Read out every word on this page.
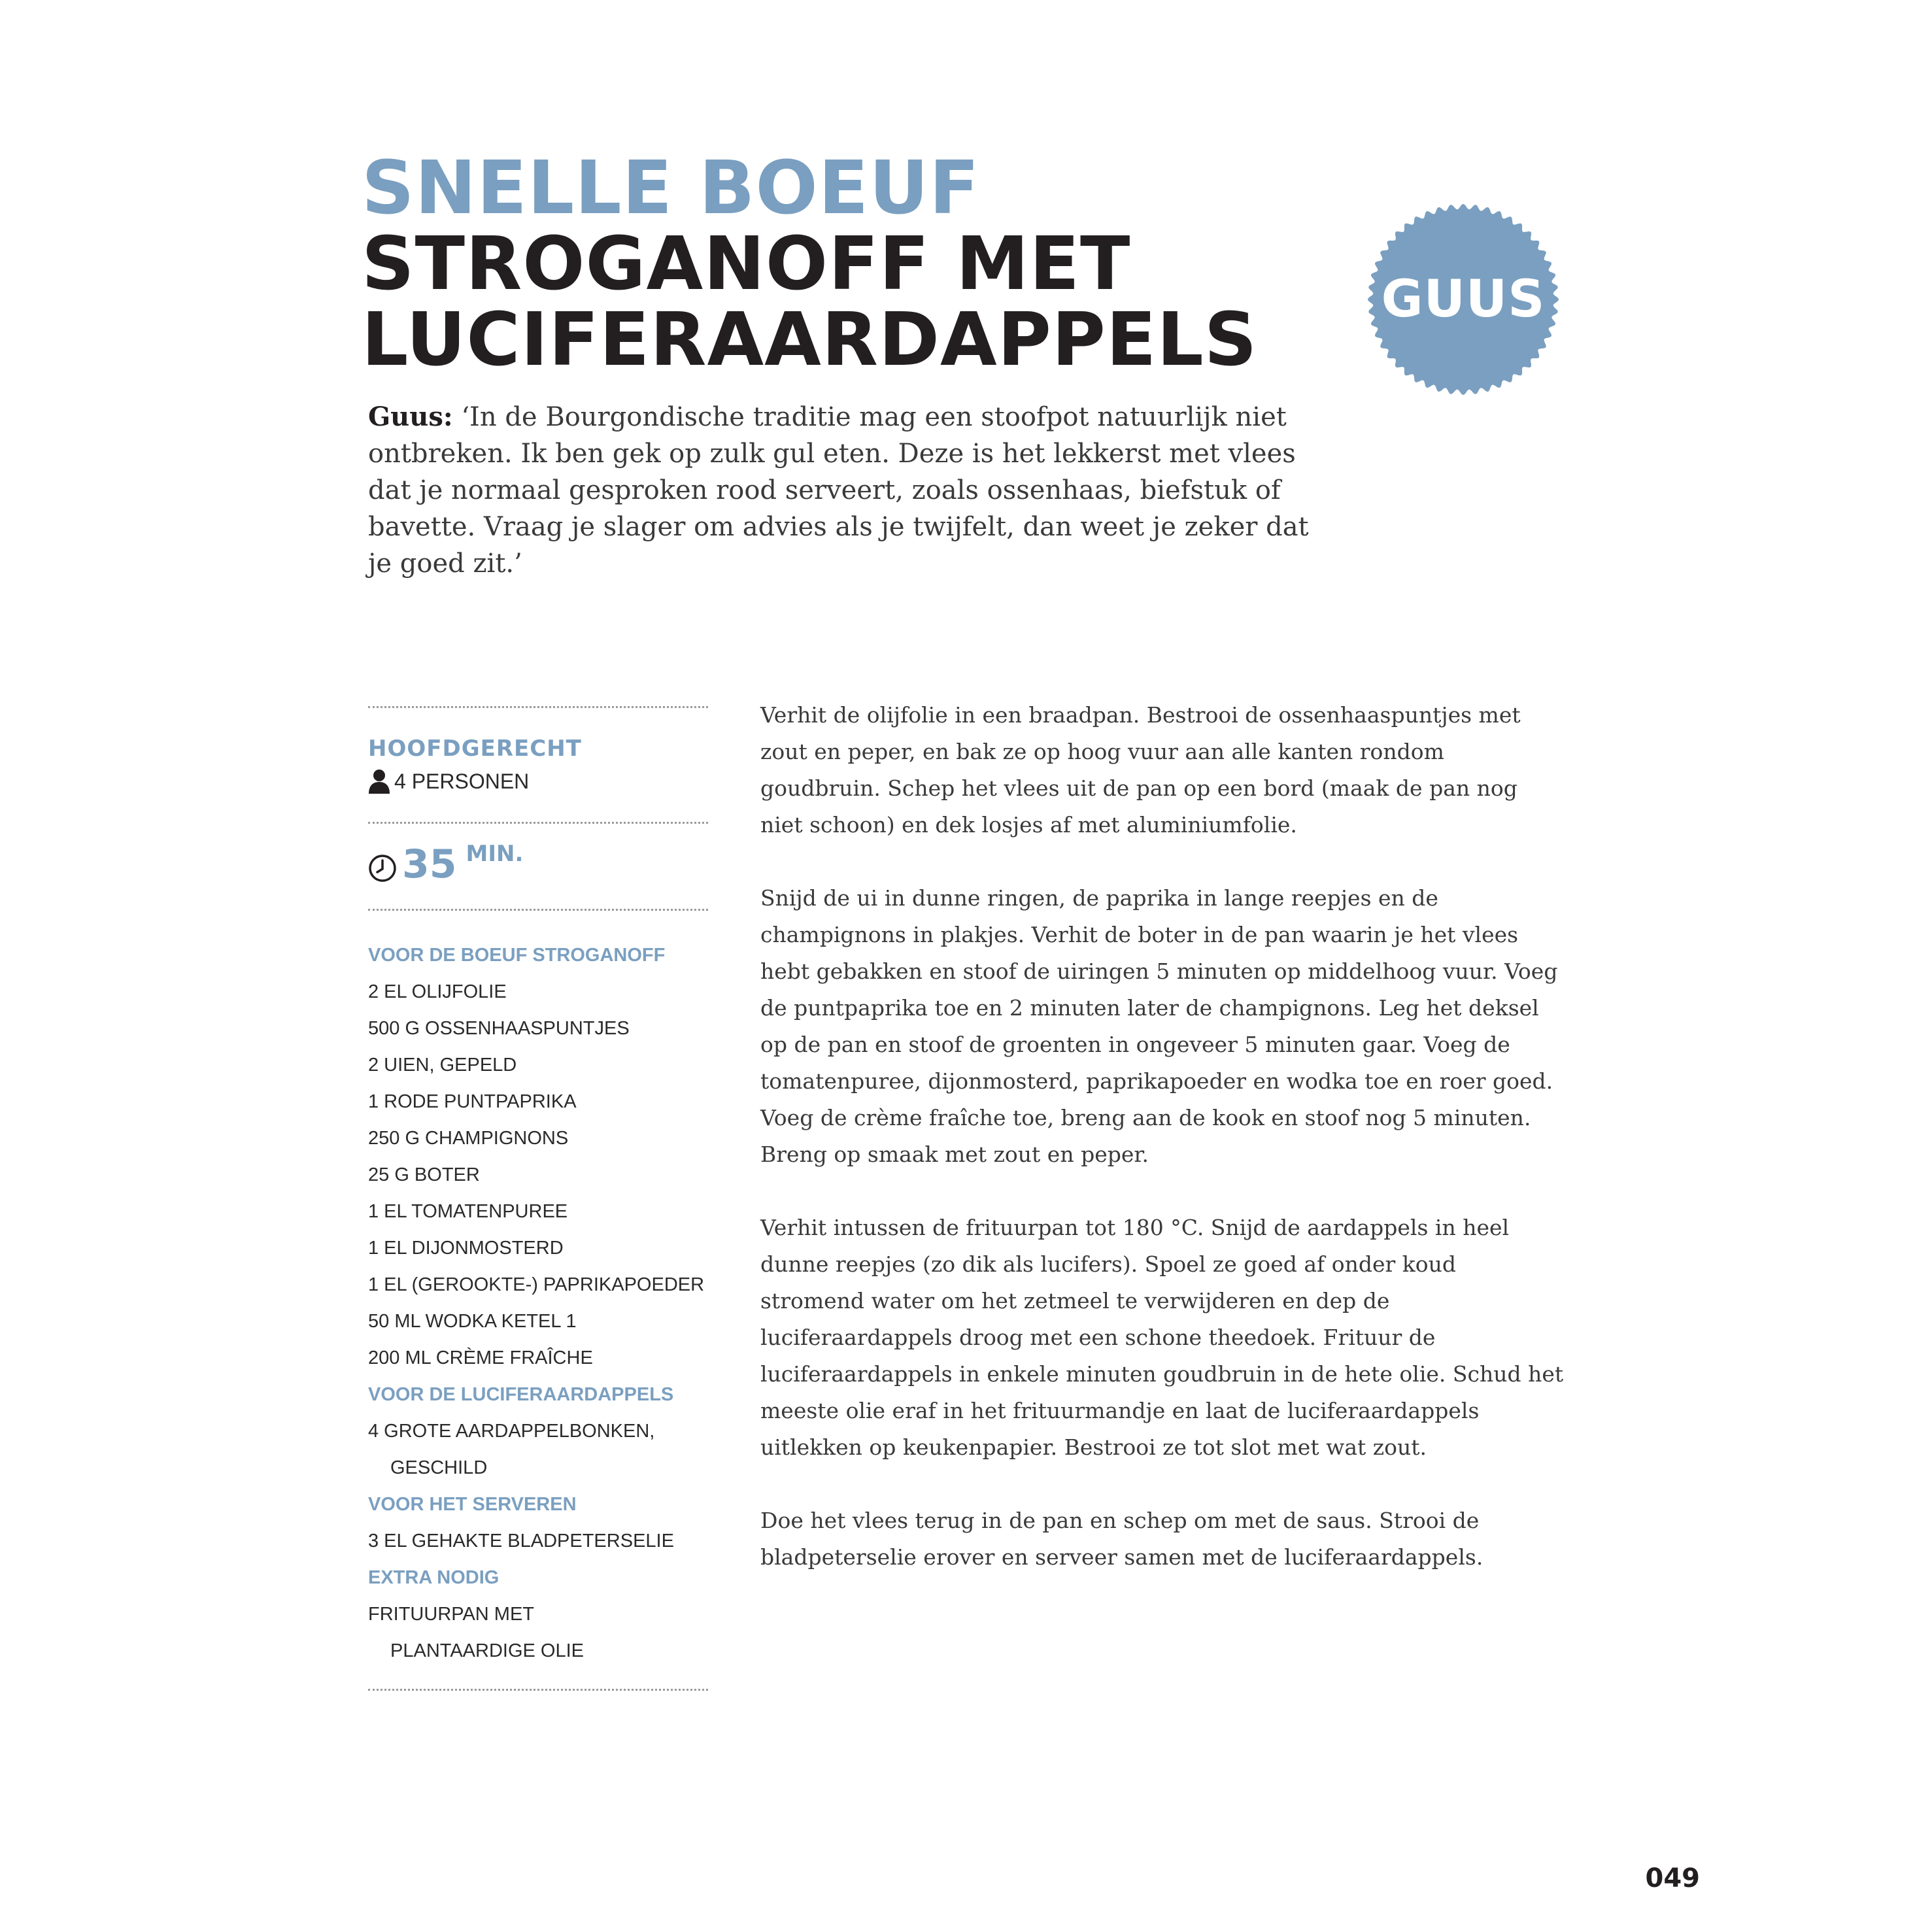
SNELLE BOEUF
STROGANOFF MET
LUCIFERAARDAPPELS	GUUS
Guus: ‘In de Bourgondische traditie mag een stoofpot natuurlijk niet ontbreken. Ik ben gek op zulk gul eten. Deze is het lekkerst met vlees dat je normaal gesproken rood serveert, zoals ossenhaas, biefstuk of bavette. Vraag je slager om advies als je twijfelt, dan weet je zeker dat je goed zit.’
HOOFDGERECHT
4 PERSONEN
35 MIN.
VOOR DE BOEUF STROGANOFF
2 EL OLIJFOLIE
500 G OSSENHAASPUNTJES
2 UIEN, GEPELD
1 RODE PUNTPAPRIKA
250 G CHAMPIGNONS
25 G BOTER
1 EL TOMATENPUREE
1 EL DIJONMOSTERD
1 EL (GEROOKTE-) PAPRIKAPOEDER
50 ML WODKA KETEL 1
200 ML CRÈME FRAÎCHE
VOOR DE LUCIFERAARDAPPELS
4 GROTE AARDAPPELBONKEN,
GESCHILD
VOOR HET SERVEREN
3 EL GEHAKTE BLADPETERSELIE
EXTRA NODIG
FRITUURPAN MET
PLANTAARDIGE OLIE

Verhit de olijfolie in een braadpan. Bestrooi de ossenhaaspuntjes met zout en peper, en bak ze op hoog vuur aan alle kanten rondom goudbruin. Schep het vlees uit de pan op een bord (maak de pan nog niet schoon) en dek losjes af met aluminiumfolie.

Snijd de ui in dunne ringen, de paprika in lange reepjes en de champignons in plakjes. Verhit de boter in de pan waarin je het vlees hebt gebakken en stoof de uiringen 5 minuten op middelhoog vuur. Voeg de puntpaprika toe en 2 minuten later de champignons. Leg het deksel op de pan en stoof de groenten in ongeveer 5 minuten gaar. Voeg de tomatenpuree, dijonmosterd, paprikapoeder en wodka toe en roer goed. Voeg de crème fraîche toe, breng aan de kook en stoof nog 5 minuten. Breng op smaak met zout en peper.

Verhit intussen de frituurpan tot 180 °C. Snijd de aardappels in heel dunne reepjes (zo dik als lucifers). Spoel ze goed af onder koud stromend water om het zetmeel te verwijderen en dep de luciferaardappels droog met een schone theedoek. Frituur de luciferaardappels in enkele minuten goudbruin in de hete olie. Schud het meeste olie eraf in het frituurmandje en laat de luciferaardappels uitlekken op keukenpapier. Bestrooi ze tot slot met wat zout.

Doe het vlees terug in de pan en schep om met de saus. Strooi de bladpeterselie erover en serveer samen met de luciferaardappels.

049
